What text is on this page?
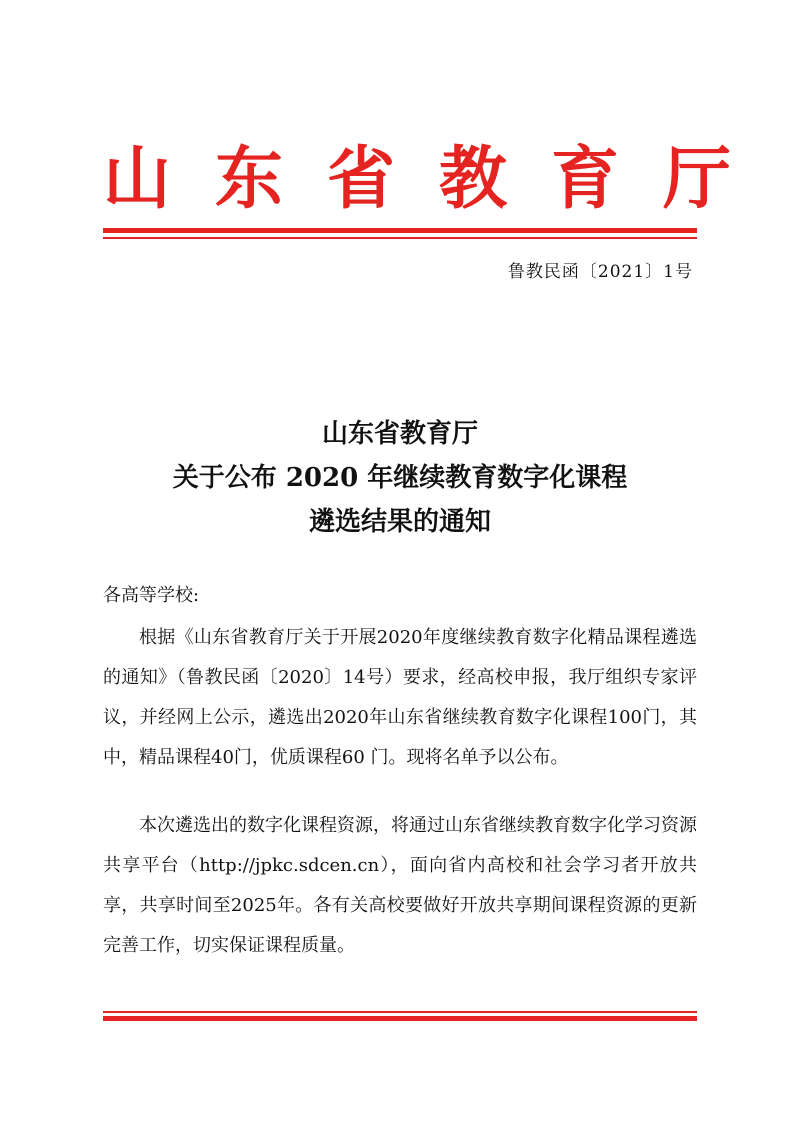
山东省教育厅
鲁教民函〔2021〕1号
山东省教育厅
关于公布 2020 年继续教育数字化课程
遴选结果的通知
各高等学校:

根据《山东省教育厅关于开展2020年度继续教育数字化精品课程遴选的通知》（鲁教民函〔2020〕14号）要求，经高校申报，我厅组织专家评议，并经网上公示，遴选出2020年山东省继续教育数字化课程100门，其中，精品课程40门，优质课程60 门。现将名单予以公布。

本次遴选出的数字化课程资源，将通过山东省继续教育数字化学习资源共享平台（http://jpkc.sdcen.cn），面向省内高校和社会学习者开放共享，共享时间至2025年。各有关高校要做好开放共享期间课程资源的更新完善工作，切实保证课程质量。
